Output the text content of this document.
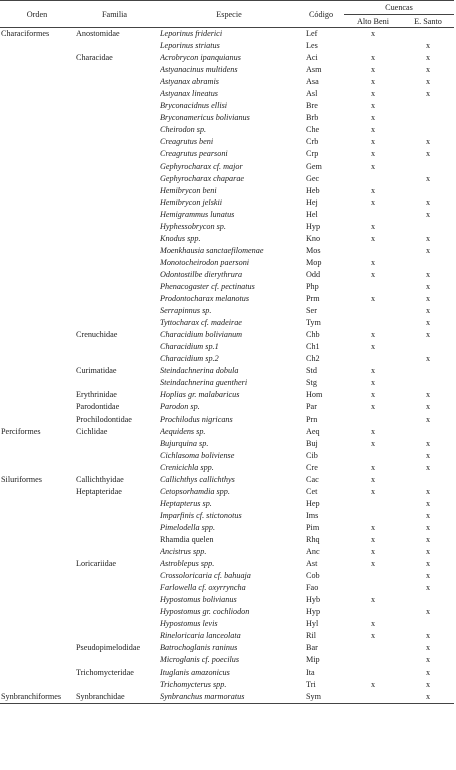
Orden	Familia	Especie	Código	Cuencas	
				Alto Beni	E. Santo
Characiformes	Anostomidae	Leporinus friderici	Lef	x	
		Leporinus striatus	Les		x
	Characidae	Acrobrycon ipanquianus	Aci	x	x
		Astyanacinus multidens	Asm	x	x
		Astyanax abramis	Asa	x	x
		Astyanax lineatus	Asl	x	x
		Bryconacidnus ellisi	Bre	x	
		Bryconamericus bolivianus	Brb	x	
		Cheirodon sp.	Che	x	
		Creagrutus beni	Crb	x	x
		Creagrutus pearsoni	Crp	x	x
		Gephyrocharax cf. major	Gem	x	
		Gephyrocharax chaparae	Gec		x
		Hemibrycon beni	Heb	x	
		Hemibrycon jelskii	Hej	x	x
		Hemigrammus lunatus	Hel		x
		Hyphessobrycon sp.	Hyp	x	
		Knodus spp.	Kno	x	x
		Moenkhausia sanctaefilomenae	Mos		x
		Monotocheirodon paersoni	Mop	x	
		Odontostilbe dierythrura	Odd	x	x
		Phenacogaster cf. pectinatus	Php		x
		Prodontocharax melanotus	Prm	x	x
		Serrapinnus sp.	Ser		x
		Tyttocharax cf. madeirae	Tym		x
	Crenuchidae	Characidium bolivianum	Chb	x	x
		Characidium sp.1	Ch1	x	
		Characidium sp.2	Ch2		x
	Curimatidae	Steindachnerina dobula	Std	x	
		Steindachnerina guentheri	Stg	x	
	Erythrinidae	Hoplias gr. malabaricus	Hom	x	x
	Parodontidae	Parodon sp.	Par	x	x
	Prochilodontidae	Prochilodus nigricans	Prn		x
Perciformes	Cichlidae	Aequidens sp.	Aeq	x	
		Bujurquina sp.	Buj	x	x
		Cichlasoma boliviense	Cib		x
		Crenicichla spp.	Cre	x	x
Siluriformes	Callichthyidae	Callichthys callichthys	Cac	x	
	Heptapteridae	Cetopsorhamdia spp.	Cet	x	x
		Heptapterus sp.	Hep		x
		Imparfinis cf. stictonotus	Ims		x
		Pimelodella spp.	Pim	x	x
		Rhamdia quelen	Rhq	x	x
		Ancistrus spp.	Anc	x	x
	Loricariidae	Astroblepus spp.	Ast	x	x
		Crossoloricaria cf. bahuaja	Cob		x
		Farlowella cf. oxyrryncha	Fao		x
		Hypostomus bolivianus	Hyb	x	
		Hypostomus gr. cochliodon	Hyp		x
		Hypostomus levis	Hyl	x	
		Rineloricaria lanceolata	Ril	x	x
	Pseudopimelodidae	Batrochoglanis raninus	Bar		x
		Microglanis cf. poecilus	Mip		x
	Trichomycteridae	Ituglanis amazonicus	Ita		x
		Trichomycterus spp.	Tri	x	x
Synbranchiformes	Synbranchidae	Synbranchus marmoratus	Sym		x
